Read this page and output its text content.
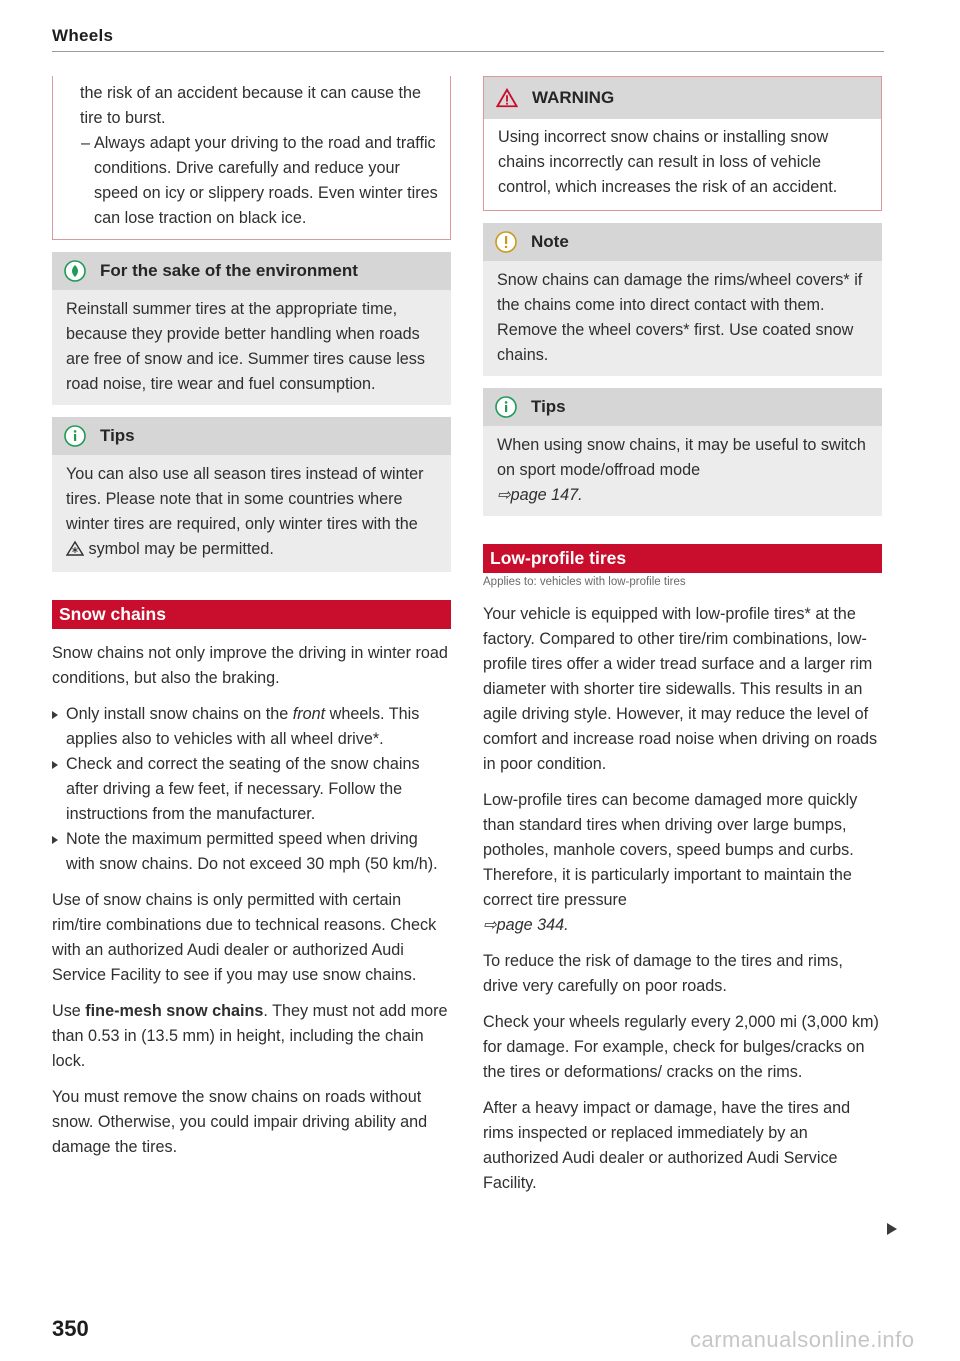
Wheels

the risk of an accident because it can cause the tire to burst.

– Always adapt your driving to the road and traffic conditions. Drive carefully and reduce your speed on icy or slippery roads. Even winter tires can lose traction on black ice.

For the sake of the environment
Reinstall summer tires at the appropriate time, because they provide better handling when roads are free of snow and ice. Summer tires cause less road noise, tire wear and fuel consumption.
Tips
You can also use all season tires instead of winter tires. Please note that in some countries where winter tires are required, only winter tires with the  symbol may be permitted.
Snow chains

Snow chains not only improve the driving in winter road conditions, but also the braking.

Only install snow chains on the front wheels. This applies also to vehicles with all wheel drive*.
Check and correct the seating of the snow chains after driving a few feet, if necessary. Follow the instructions from the manufacturer.
Note the maximum permitted speed when driving with snow chains. Do not exceed 30 mph (50 km/h).

Use of snow chains is only permitted with certain rim/tire combinations due to technical reasons. Check with an authorized Audi dealer or authorized Audi Service Facility to see if you may use snow chains.

Use fine-mesh snow chains. They must not add more than 0.53 in (13.5 mm) in height, including the chain lock.

You must remove the snow chains on roads without snow. Otherwise, you could impair driving ability and damage the tires.

WARNING
Using incorrect snow chains or installing snow chains incorrectly can result in loss of vehicle control, which increases the risk of an accident.
Note
Snow chains can damage the rims/wheel covers* if the chains come into direct contact with them. Remove the wheel covers* first. Use coated snow chains.
Tips
When using snow chains, it may be useful to switch on sport mode/offroad mode
⇨page 147.
Low-profile tires
Applies to: vehicles with low-profile tires

Your vehicle is equipped with low-profile tires* at the factory. Compared to other tire/rim combinations, low-profile tires offer a wider tread surface and a larger rim diameter with shorter tire sidewalls. This results in an agile driving style. However, it may reduce the level of comfort and increase road noise when driving on roads in poor condition.

Low-profile tires can become damaged more quickly than standard tires when driving over large bumps, potholes, manhole covers, speed bumps and curbs. Therefore, it is particularly important to maintain the correct tire pressure
⇨page 344.

To reduce the risk of damage to the tires and rims, drive very carefully on poor roads.

Check your wheels regularly every 2,000 mi (3,000 km) for damage. For example, check for bulges/cracks on the tires or deformations/ cracks on the rims.

After a heavy impact or damage, have the tires and rims inspected or replaced immediately by an authorized Audi dealer or authorized Audi Service Facility.

350	carmanualsonline.info
